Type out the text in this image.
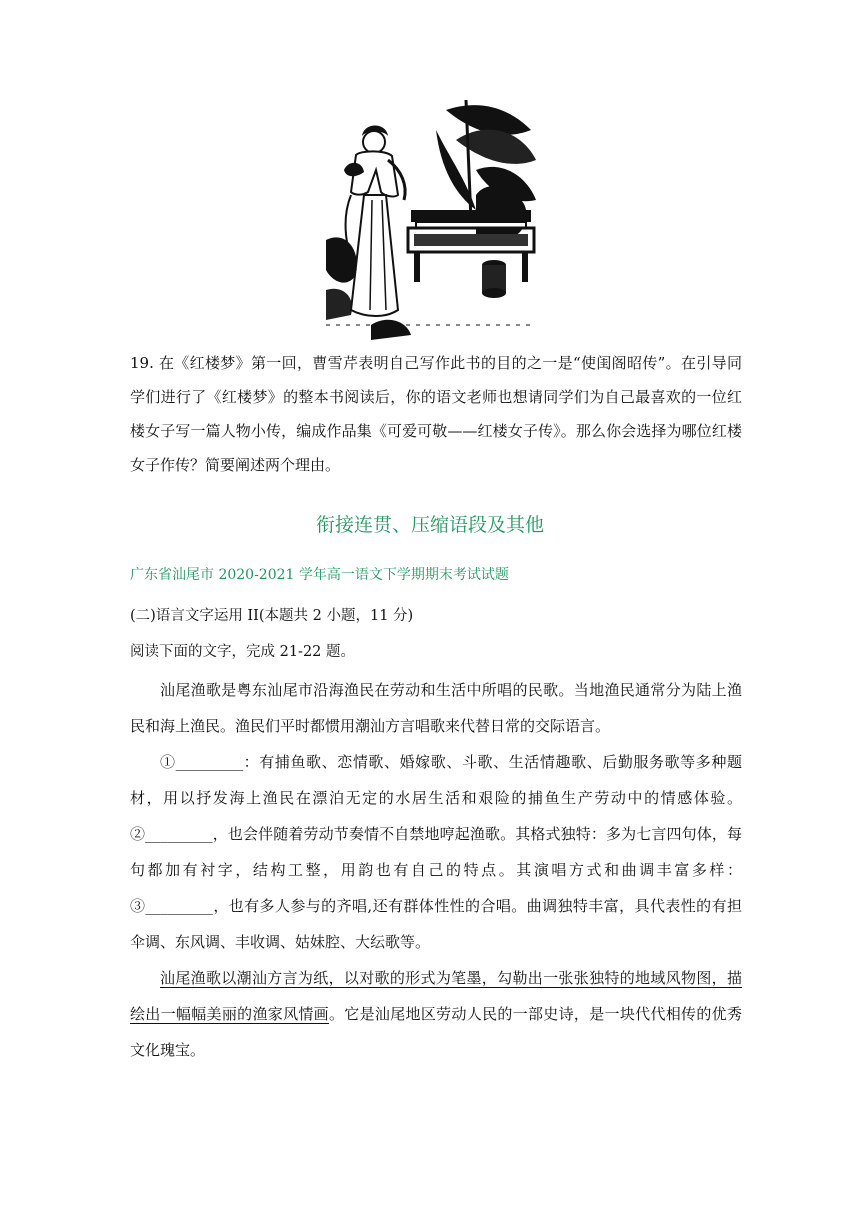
19. 在《红楼梦》第一回，曹雪芹表明自己写作此书的目的之一是“使闺阁昭传”。在引导同学们进行了《红楼梦》的整本书阅读后，你的语文老师也想请同学们为自己最喜欢的一位红楼女子写一篇人物小传，编成作品集《可爱可敬——红楼女子传》。那么你会选择为哪位红楼女子作传？简要阐述两个理由。

衔接连贯、压缩语段及其他
广东省汕尾市 2020-2021 学年高一语文下学期期末考试试题
(二)语言文字运用 II(本题共 2 小题，11 分)
阅读下面的文字，完成 21-22 题。

汕尾渔歌是粤东汕尾市沿海渔民在劳动和生活中所唱的民歌。当地渔民通常分为陆上渔民和海上渔民。渔民们平时都惯用潮汕方言唱歌来代替日常的交际语言。

①_________：有捕鱼歌、恋情歌、婚嫁歌、斗歌、生活情趣歌、后勤服务歌等多种题材，用以抒发海上渔民在漂泊无定的水居生活和艰险的捕鱼生产劳动中的情感体验。②_________，也会伴随着劳动节奏情不自禁地哼起渔歌。其格式独特：多为七言四句体，每句都加有衬字，结构工整，用韵也有自己的特点。其演唱方式和曲调丰富多样：③_________，也有多人参与的齐唱,还有群体性性的合唱。曲调独特丰富，具代表性的有担伞调、东风调、丰收调、姑妹腔、大纭歌等。

汕尾渔歌以潮汕方言为纸，以对歌的形式为笔墨，勾勒出一张张独特的地域风物图，描绘出一幅幅美丽的渔家风情画。它是汕尾地区劳动人民的一部史诗，是一块代代相传的优秀文化瑰宝。
